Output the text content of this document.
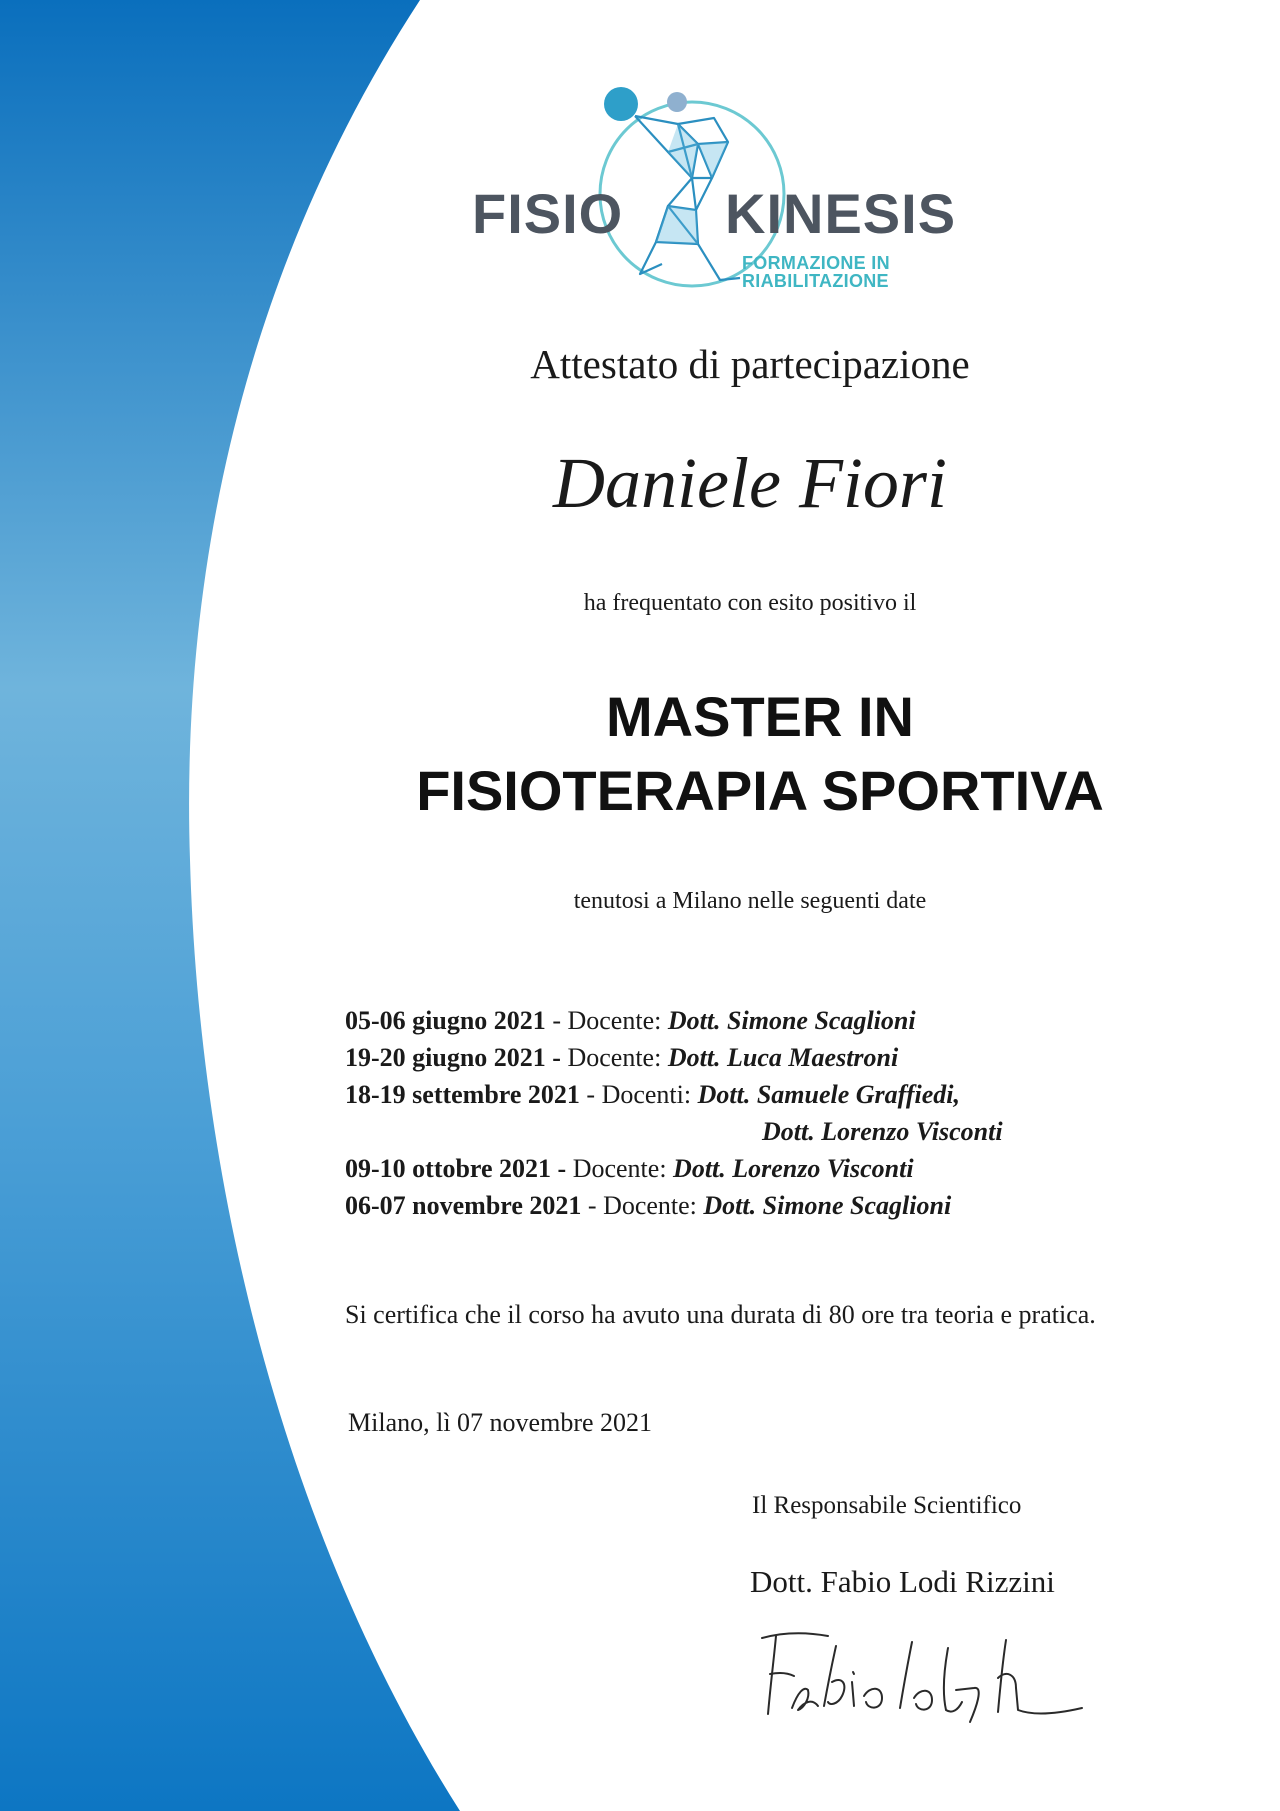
FISIO KINESIS
FORMAZIONE IN RIABILITAZIONE
Attestato di partecipazione
Daniele Fiori
ha frequentato con esito positivo il
MASTER IN
FISIOTERAPIA SPORTIVA
tenutosi a Milano nelle seguenti date
05-06 giugno 2021 - Docente: Dott. Simone Scaglioni
19-20 giugno 2021 - Docente: Dott. Luca Maestroni
18-19 settembre 2021 - Docenti: Dott. Samuele Graffiedi,
Dott. Lorenzo Visconti
09-10 ottobre 2021 - Docente: Dott. Lorenzo Visconti
06-07 novembre 2021 - Docente: Dott. Simone Scaglioni
Si certifica che il corso ha avuto una durata di 80 ore tra teoria e pratica.
Milano, lì 07 novembre 2021
Il Responsabile Scientifico
Dott. Fabio Lodi Rizzini
